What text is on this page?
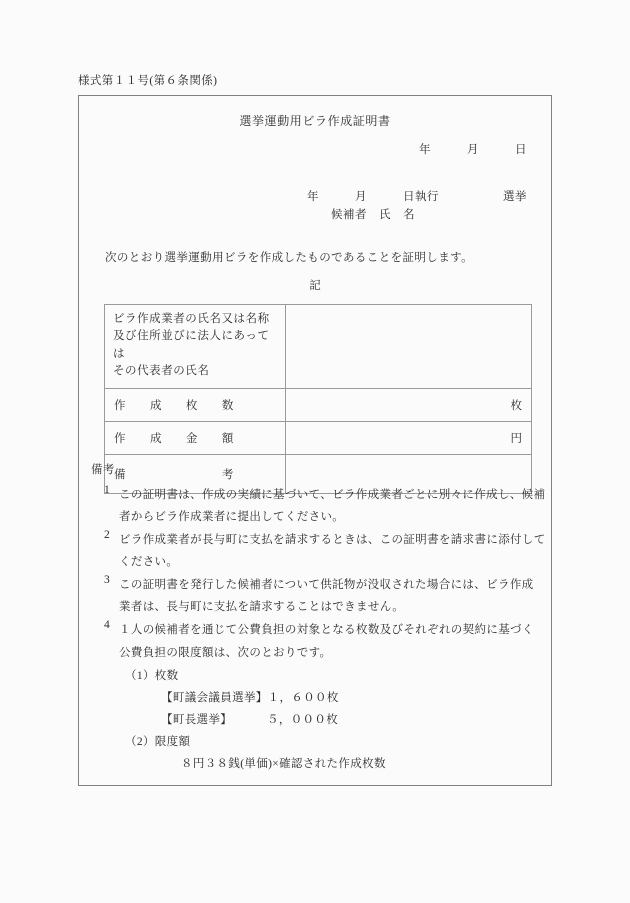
様式第１１号(第６条関係)
選挙運動用ビラ作成証明書
年　　　月　　　日
年　　　月　　　日執行	選挙
候補者　氏　名
次のとおり選挙運動用ビラを作成したものであることを証明します。
記
ビラ作成業者の氏名又は名称
及び住所並びに法人にあっては
その代表者の氏名	

作 成 枚 数	枚

作 成 金 額	円

備 考	

備考
1 この証明書は、作成の実績に基づいて、ビラ作成業者ごとに別々に作成し、候補
者からビラ作成業者に提出してください。
2 ビラ作成業者が長与町に支払を請求するときは、この証明書を請求書に添付して
ください。
3 この証明書を発行した候補者について供託物が没収された場合には、ビラ作成
業者は、長与町に支払を請求することはできません。
4 １人の候補者を通じて公費負担の対象となる枚数及びそれぞれの契約に基づく
公費負担の限度額は、次のとおりです。
（1）枚数
【町議会議員選挙】１，６００枚
【町長選挙】	５，０００枚
（2）限度額
８円３８銭(単価)×確認された作成枚数
